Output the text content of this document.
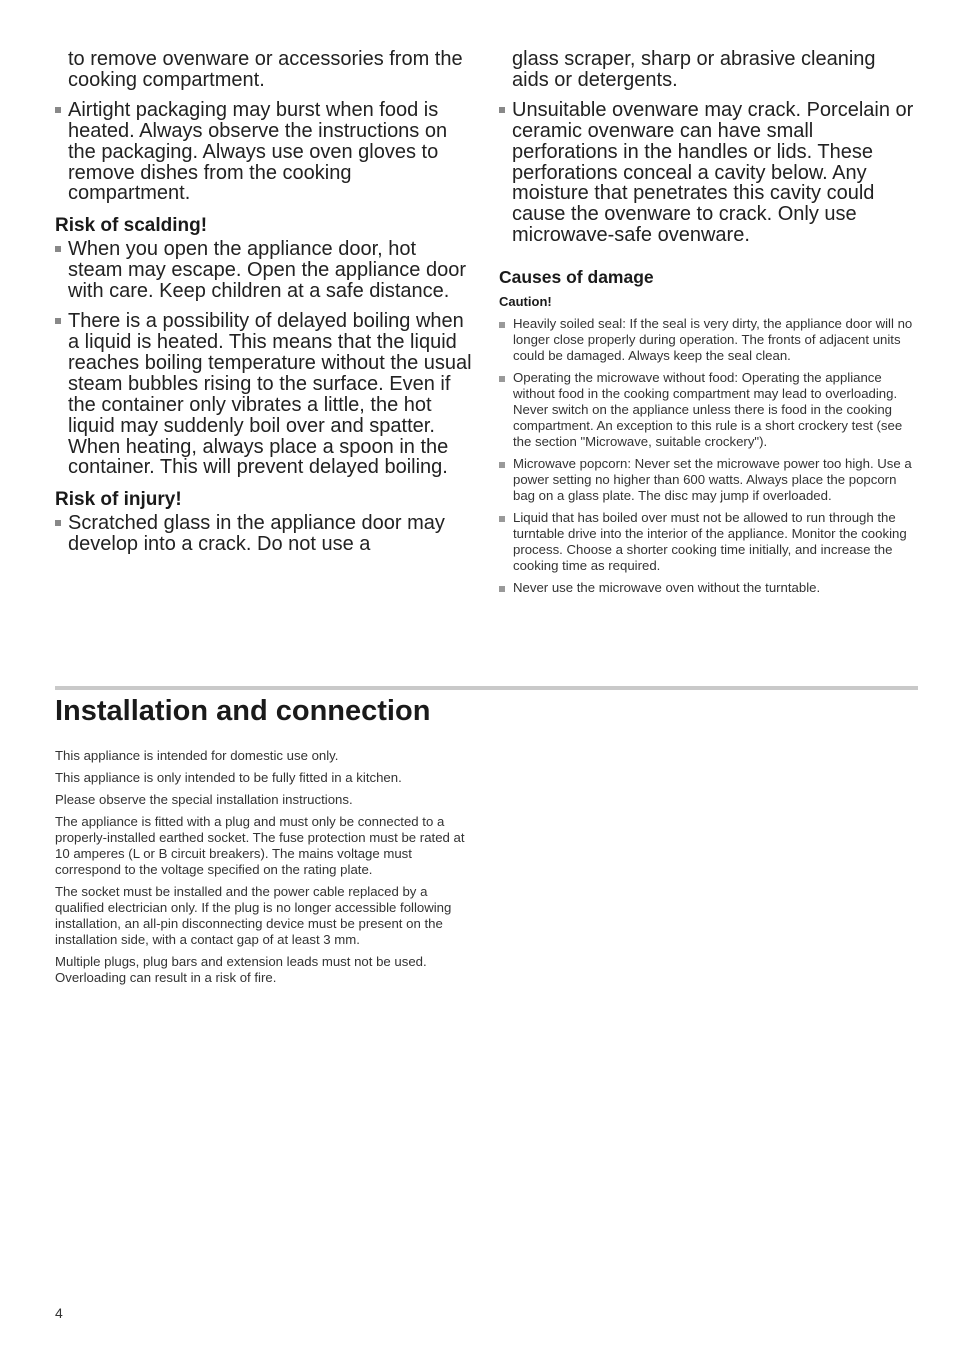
to remove ovenware or accessories from the cooking compartment.
Airtight packaging may burst when food is heated. Always observe the instructions on the packaging. Always use oven gloves to remove dishes from the cooking compartment.
Risk of scalding!
When you open the appliance door, hot steam may escape. Open the appliance door with care. Keep children at a safe distance.
There is a possibility of delayed boiling when a liquid is heated. This means that the liquid reaches boiling temperature without the usual steam bubbles rising to the surface. Even if the container only vibrates a little, the hot liquid may suddenly boil over and spatter. When heating, always place a spoon in the container. This will prevent delayed boiling.
Risk of injury!
Scratched glass in the appliance door may develop into a crack. Do not use a
glass scraper, sharp or abrasive cleaning aids or detergents.
Unsuitable ovenware may crack. Porcelain or ceramic ovenware can have small perforations in the handles or lids. These perforations conceal a cavity below. Any moisture that penetrates this cavity could cause the ovenware to crack. Only use microwave-safe ovenware.
Causes of damage
Caution!
Heavily soiled seal: If the seal is very dirty, the appliance door will no longer close properly during operation. The fronts of adjacent units could be damaged. Always keep the seal clean.
Operating the microwave without food: Operating the appliance without food in the cooking compartment may lead to overloading. Never switch on the appliance unless there is food in the cooking compartment. An exception to this rule is a short crockery test (see the section "Microwave, suitable crockery").
Microwave popcorn: Never set the microwave power too high. Use a power setting no higher than 600 watts. Always place the popcorn bag on a glass plate. The disc may jump if overloaded.
Liquid that has boiled over must not be allowed to run through the turntable drive into the interior of the appliance. Monitor the cooking process. Choose a shorter cooking time initially, and increase the cooking time as required.
Never use the microwave oven without the turntable.
Installation and connection

This appliance is intended for domestic use only.

This appliance is only intended to be fully fitted in a kitchen.

Please observe the special installation instructions.

The appliance is fitted with a plug and must only be connected to a properly-installed earthed socket. The fuse protection must be rated at 10 amperes (L or B circuit breakers). The mains voltage must correspond to the voltage specified on the rating plate.

The socket must be installed and the power cable replaced by a qualified electrician only. If the plug is no longer accessible following installation, an all-pin disconnecting device must be present on the installation side, with a contact gap of at least 3 mm.

Multiple plugs, plug bars and extension leads must not be used. Overloading can result in a risk of fire.

4
